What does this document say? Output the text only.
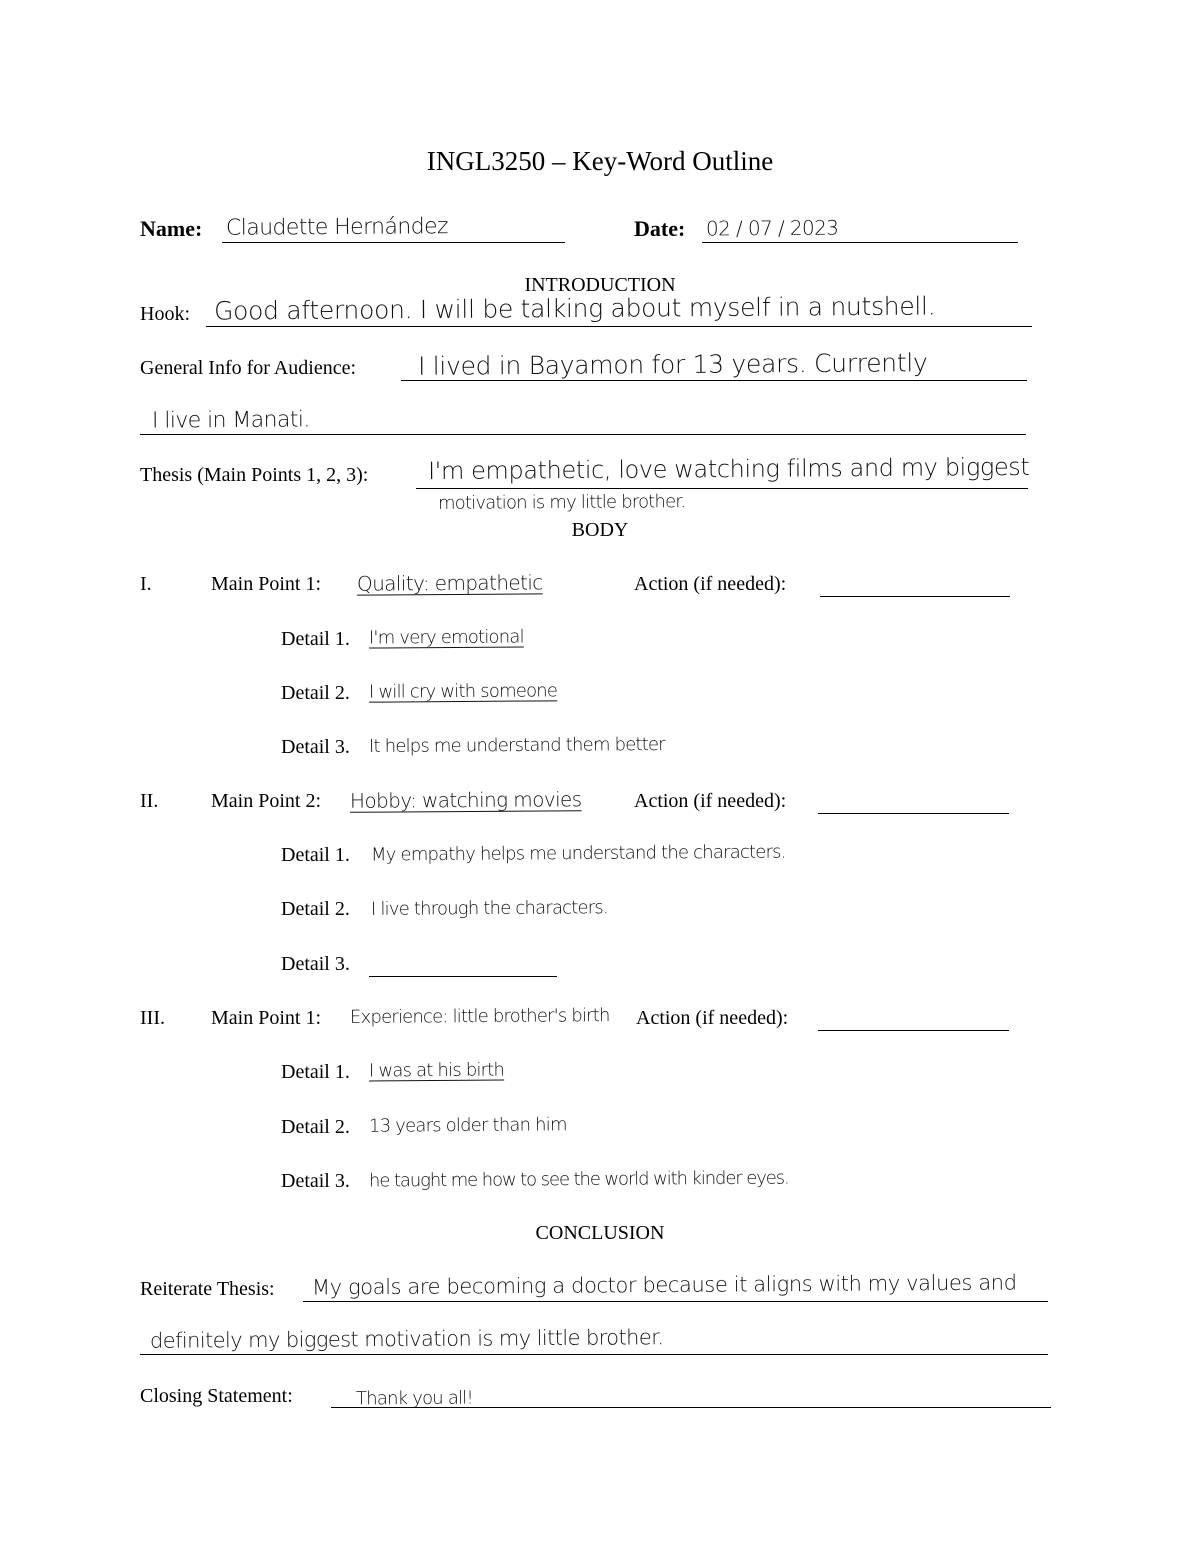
INGL3250 – Key-Word Outline
Name: Claudette Hernández	Date: 02 / 07 / 2023
INTRODUCTION
Hook: Good afternoon. I will be talking about myself in a nutshell.
General Info for Audience: I lived in Bayamon for 13 years. Currently
I live in Manati.
Thesis (Main Points 1, 2, 3): I'm empathetic, love watching films and my biggest
motivation is my little brother.
BODY
I.	Main Point 1: Quality: empathetic	Action (if needed):
Detail 1. I'm very emotional
Detail 2. I will cry with someone
Detail 3. It helps me understand them better
II.	Main Point 2: Hobby: watching movies	Action (if needed):
Detail 1. My empathy helps me understand the characters.
Detail 2. I live through the characters.
Detail 3.
III. Main Point 1: Experience: little brother's birth Action (if needed):
Detail 1. I was at his birth
Detail 2. 13 years older than him
Detail 3. he taught me how to see the world with kinder eyes.
CONCLUSION
Reiterate Thesis: My goals are becoming a doctor because it aligns with my values and
definitely my biggest motivation is my little brother.
Closing Statement:	Thank you all!
